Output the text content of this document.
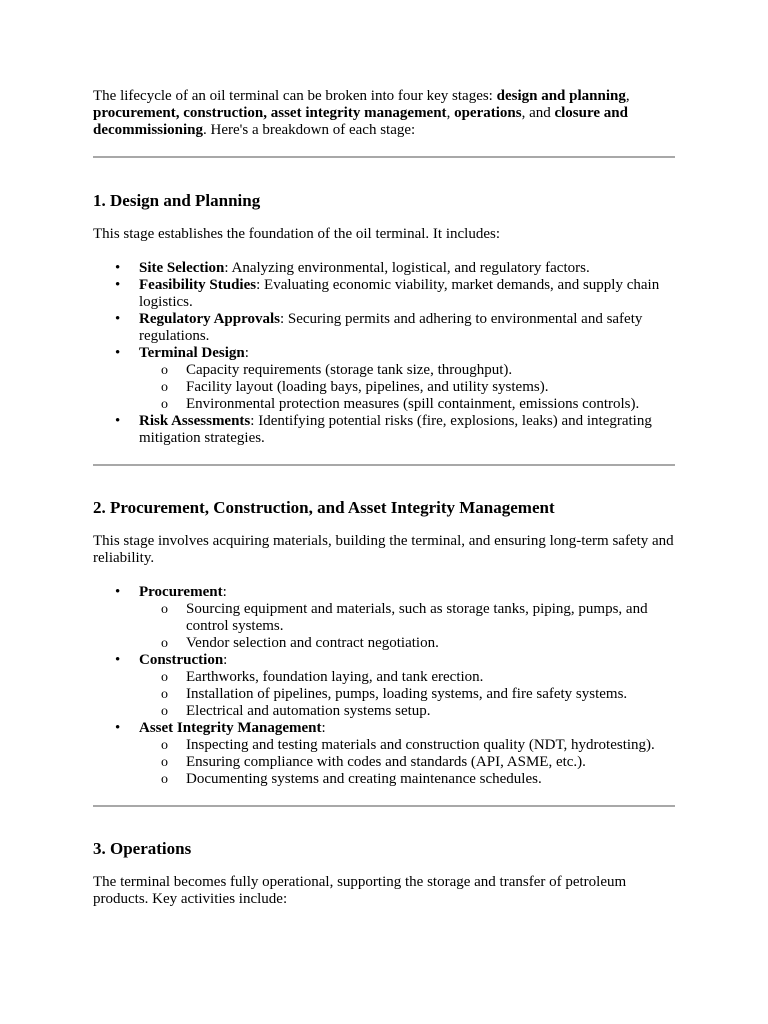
The lifecycle of an oil terminal can be broken into four key stages: design and planning, procurement, construction, asset integrity management, operations, and closure and decommissioning. Here's a breakdown of each stage:

1. Design and Planning

This stage establishes the foundation of the oil terminal. It includes:

• Site Selection: Analyzing environmental, logistical, and regulatory factors.
• Feasibility Studies: Evaluating economic viability, market demands, and supply chain logistics.
• Regulatory Approvals: Securing permits and adhering to environmental and safety regulations.
• Terminal Design:
o Capacity requirements (storage tank size, throughput).
o Facility layout (loading bays, pipelines, and utility systems).
o Environmental protection measures (spill containment, emissions controls).
• Risk Assessments: Identifying potential risks (fire, explosions, leaks) and integrating mitigation strategies.
2. Procurement, Construction, and Asset Integrity Management

This stage involves acquiring materials, building the terminal, and ensuring long-term safety and reliability.

• Procurement:
o Sourcing equipment and materials, such as storage tanks, piping, pumps, and control systems.
o Vendor selection and contract negotiation.
• Construction:
o Earthworks, foundation laying, and tank erection.
o Installation of pipelines, pumps, loading systems, and fire safety systems.
o Electrical and automation systems setup.
• Asset Integrity Management:
o Inspecting and testing materials and construction quality (NDT, hydrotesting).
o Ensuring compliance with codes and standards (API, ASME, etc.).
o Documenting systems and creating maintenance schedules.
3. Operations

The terminal becomes fully operational, supporting the storage and transfer of petroleum products. Key activities include:
